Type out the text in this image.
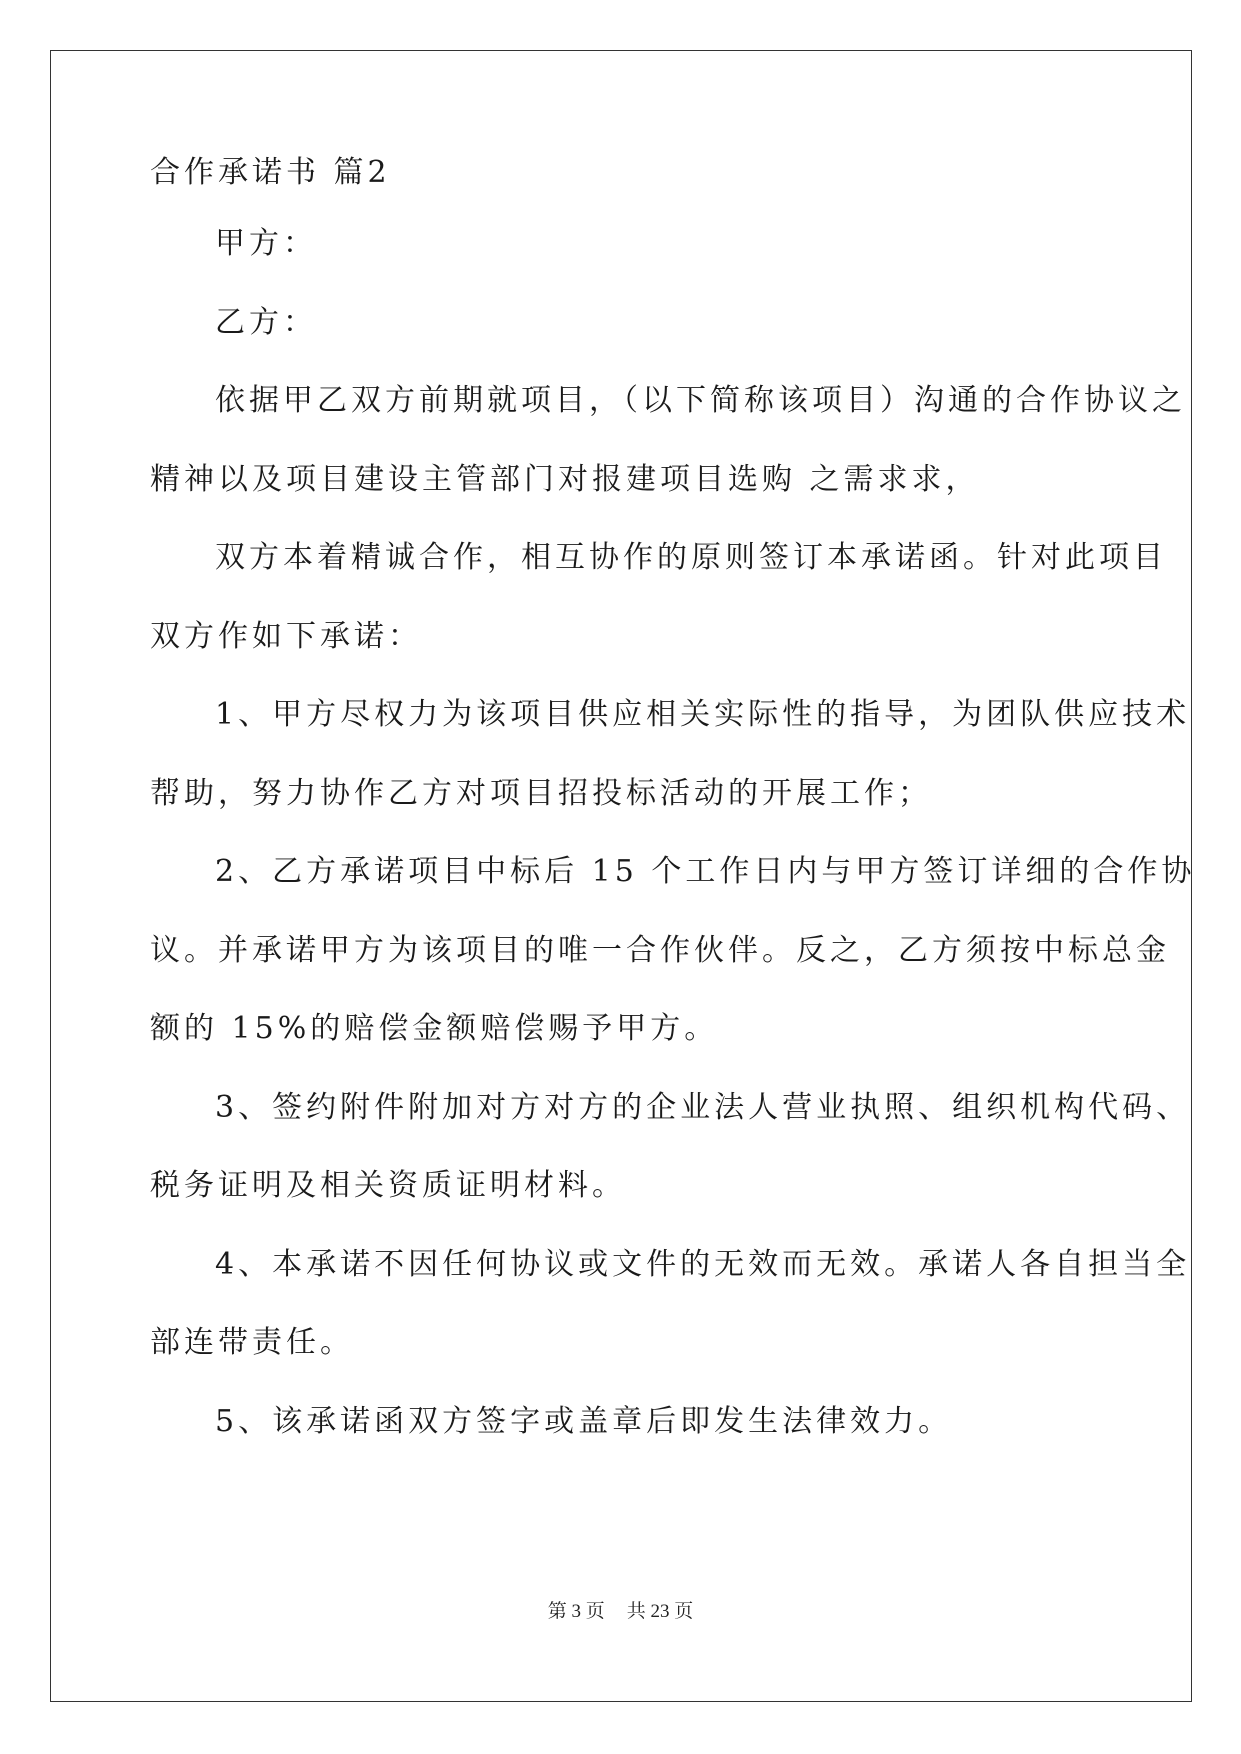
合作承诺书 篇2
甲方：
乙方：
依据甲乙双方前期就项目，（以下简称该项目）沟通的合作协议之
精神以及项目建设主管部门对报建项目选购 之需求求，
双方本着精诚合作，相互协作的原则签订本承诺函。针对此项目
双方作如下承诺：
1、甲方尽权力为该项目供应相关实际性的指导，为团队供应技术
帮助，努力协作乙方对项目招投标活动的开展工作；
2、乙方承诺项目中标后 15 个工作日内与甲方签订详细的合作协
议。并承诺甲方为该项目的唯一合作伙伴。反之，乙方须按中标总金
额的 15%的赔偿金额赔偿赐予甲方。
3、签约附件附加对方对方的企业法人营业执照、组织机构代码、
税务证明及相关资质证明材料。
4、本承诺不因任何协议或文件的无效而无效。承诺人各自担当全
部连带责任。
5、该承诺函双方签字或盖章后即发生法律效力。
第 3 页 共 23 页
